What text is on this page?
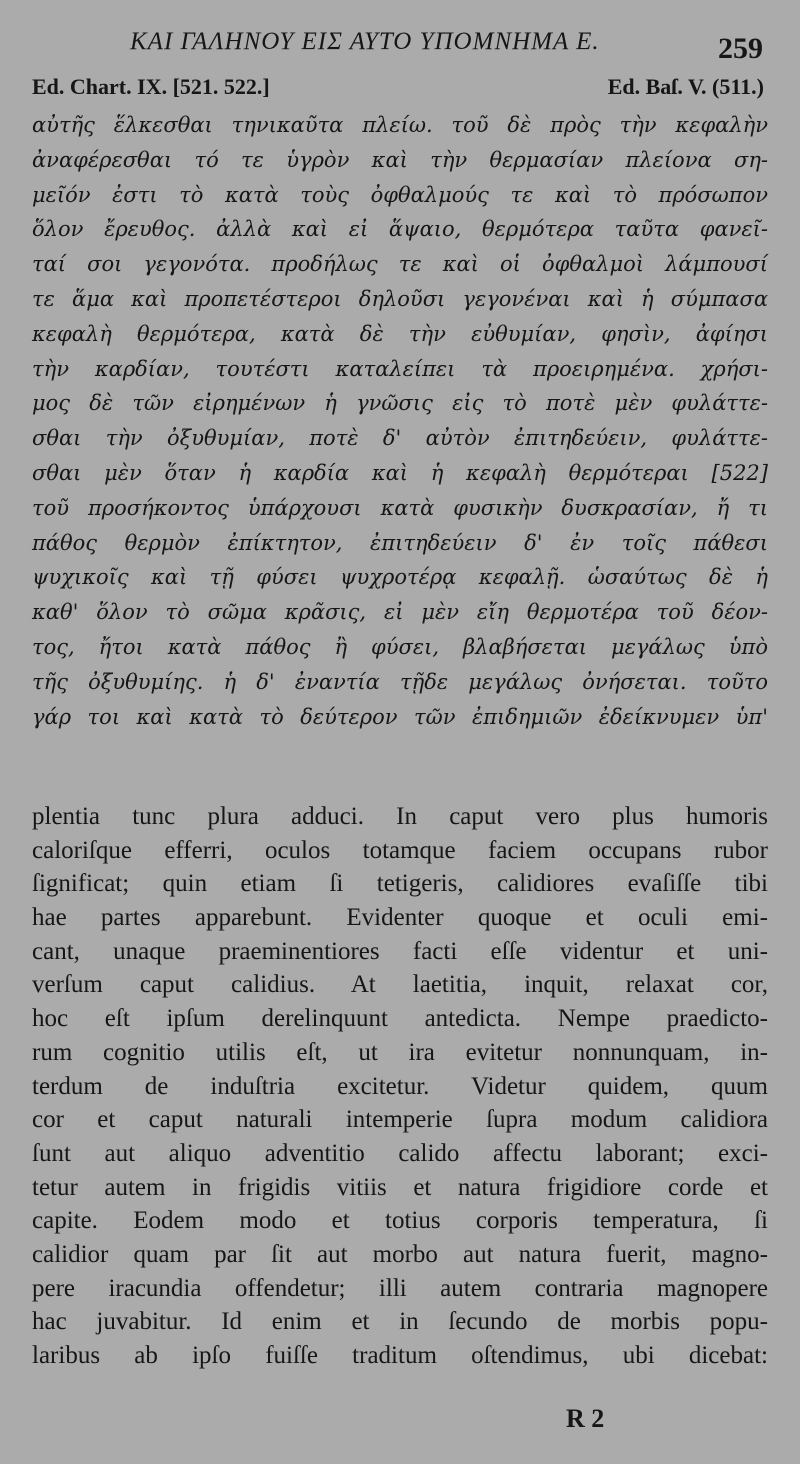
ΚΑΙ ΓΑΛΗΝΟΥ ΕΙΣ ΑΥΤΟ ΥΠΟΜΝΗΜΑ Ε.	259
Ed. Chart. IX. [521. 522.]	Ed. Baſ. V. (511.)
αὐτῆς ἕλκεσθαι τηνικαῦτα πλείω. τοῦ δὲ πρὸς τὴν κεφαλὴν
ἀναφέρεσθαι τό τε ὑγρὸν καὶ τὴν θερμασίαν πλείονα ση-
μεῖόν ἐστι τὸ κατὰ τοὺς ὀφθαλμούς τε καὶ τὸ πρόσωπον
ὅλον ἔρευθος. ἀλλὰ καὶ εἰ ἅψαιο, θερμότερα ταῦτα φανεῖ-
ταί σοι γεγονότα. προδήλως τε καὶ οἱ ὀφθαλμοὶ λάμπουσί
τε ἅμα καὶ προπετέστεροι δηλοῦσι γεγονέναι καὶ ἡ σύμπασα
κεφαλὴ θερμότερα, κατὰ δὲ τὴν εὐθυμίαν, φησὶν, ἀφίησι
τὴν καρδίαν, τουτέστι καταλείπει τὰ προειρημένα. χρήσι-
μος δὲ τῶν εἰρημένων ἡ γνῶσις εἰς τὸ ποτὲ μὲν φυλάττε-
σθαι τὴν ὀξυθυμίαν, ποτὲ δ' αὐτὸν ἐπιτηδεύειν, φυλάττε-
σθαι μὲν ὅταν ἡ καρδία καὶ ἡ κεφαλὴ θερμότεραι [522]
τοῦ προσήκοντος ὑπάρχουσι κατὰ φυσικὴν δυσκρασίαν, ἤ τι
πάθος θερμὸν ἐπίκτητον, ἐπιτηδεύειν δ' ἐν τοῖς πάθεσι
ψυχικοῖς καὶ τῇ φύσει ψυχροτέρᾳ κεφαλῇ. ὡσαύτως δὲ ἡ
καθ' ὅλον τὸ σῶμα κρᾶσις, εἰ μὲν εἴη θερμοτέρα τοῦ δέον-
τος, ἤτοι κατὰ πάθος ἢ φύσει, βλαβήσεται μεγάλως ὑπὸ
τῆς ὀξυθυμίης. ἡ δ' ἐναντία τῇδε μεγάλως ὀνήσεται. τοῦτο
γάρ τοι καὶ κατὰ τὸ δεύτερον τῶν ἐπιδημιῶν ἐδείκνυμεν ὑπ'
plentia tunc plura adduci. In caput vero plus humoris
caloriſque efferri, oculos totamque faciem occupans rubor
ſignificat; quin etiam ſi tetigeris, calidiores evaſiſſe tibi
hae partes apparebunt. Evidenter quoque et oculi emi-
cant, unaque praeminentiores facti eſſe videntur et uni-
verſum caput calidius. At laetitia, inquit, relaxat cor,
hoc eſt ipſum derelinquunt antedicta. Nempe praedicto-
rum cognitio utilis eſt, ut ira evitetur nonnunquam, in-
terdum de induſtria excitetur. Videtur quidem, quum
cor et caput naturali intemperie ſupra modum calidiora
ſunt aut aliquo adventitio calido affectu laborant; exci-
tetur autem in frigidis vitiis et natura frigidiore corde et
capite. Eodem modo et totius corporis temperatura, ſi
calidior quam par ſit aut morbo aut natura fuerit, magno-
pere iracundia offendetur; illi autem contraria magnopere
hac juvabitur. Id enim et in ſecundo de morbis popu-
laribus ab ipſo fuiſſe traditum oſtendimus, ubi dicebat:
R 2
